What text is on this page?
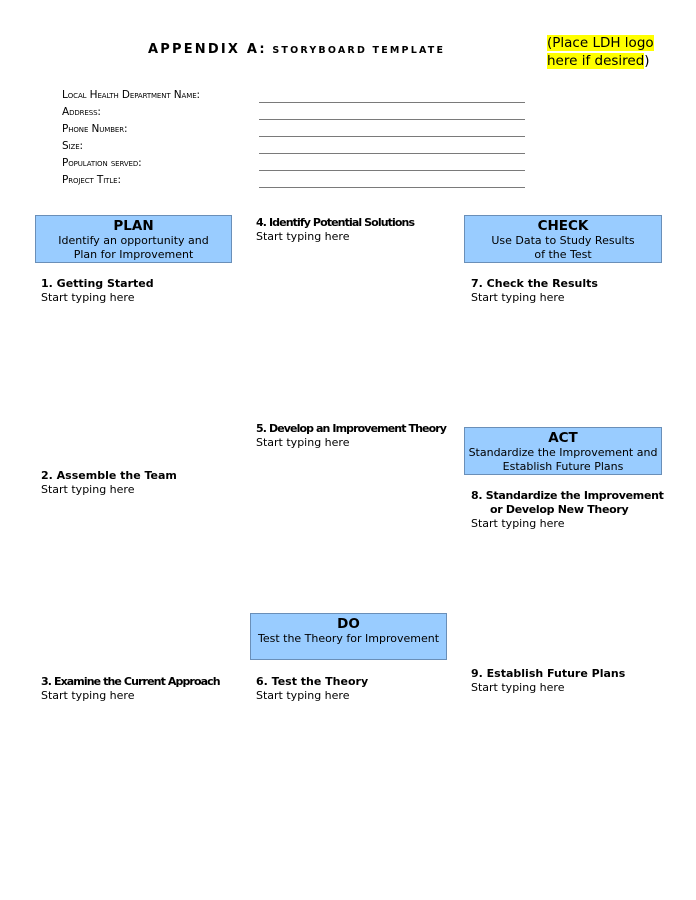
APPENDIX A: STORYBOARD TEMPLATE	(Place LDH logo
here if desired)
Local Health Department Name:
Address:
Phone Number:
Size:
Population served:
Project Title:
PLAN
Identify an opportunity and
Plan for Improvement
CHECK
Use Data to Study Results
of the Test
ACT
Standardize the Improvement and
Establish Future Plans
DO
Test the Theory for Improvement
1. Getting Started
Start typing here
2. Assemble the Team
Start typing here
3. Examine the Current Approach
Start typing here
4. Identify Potential Solutions
Start typing here
5. Develop an Improvement Theory
Start typing here
6. Test the Theory
Start typing here
7. Check the Results
Start typing here
8. Standardize the Improvement
or Develop New Theory
Start typing here
9. Establish Future Plans
Start typing here
